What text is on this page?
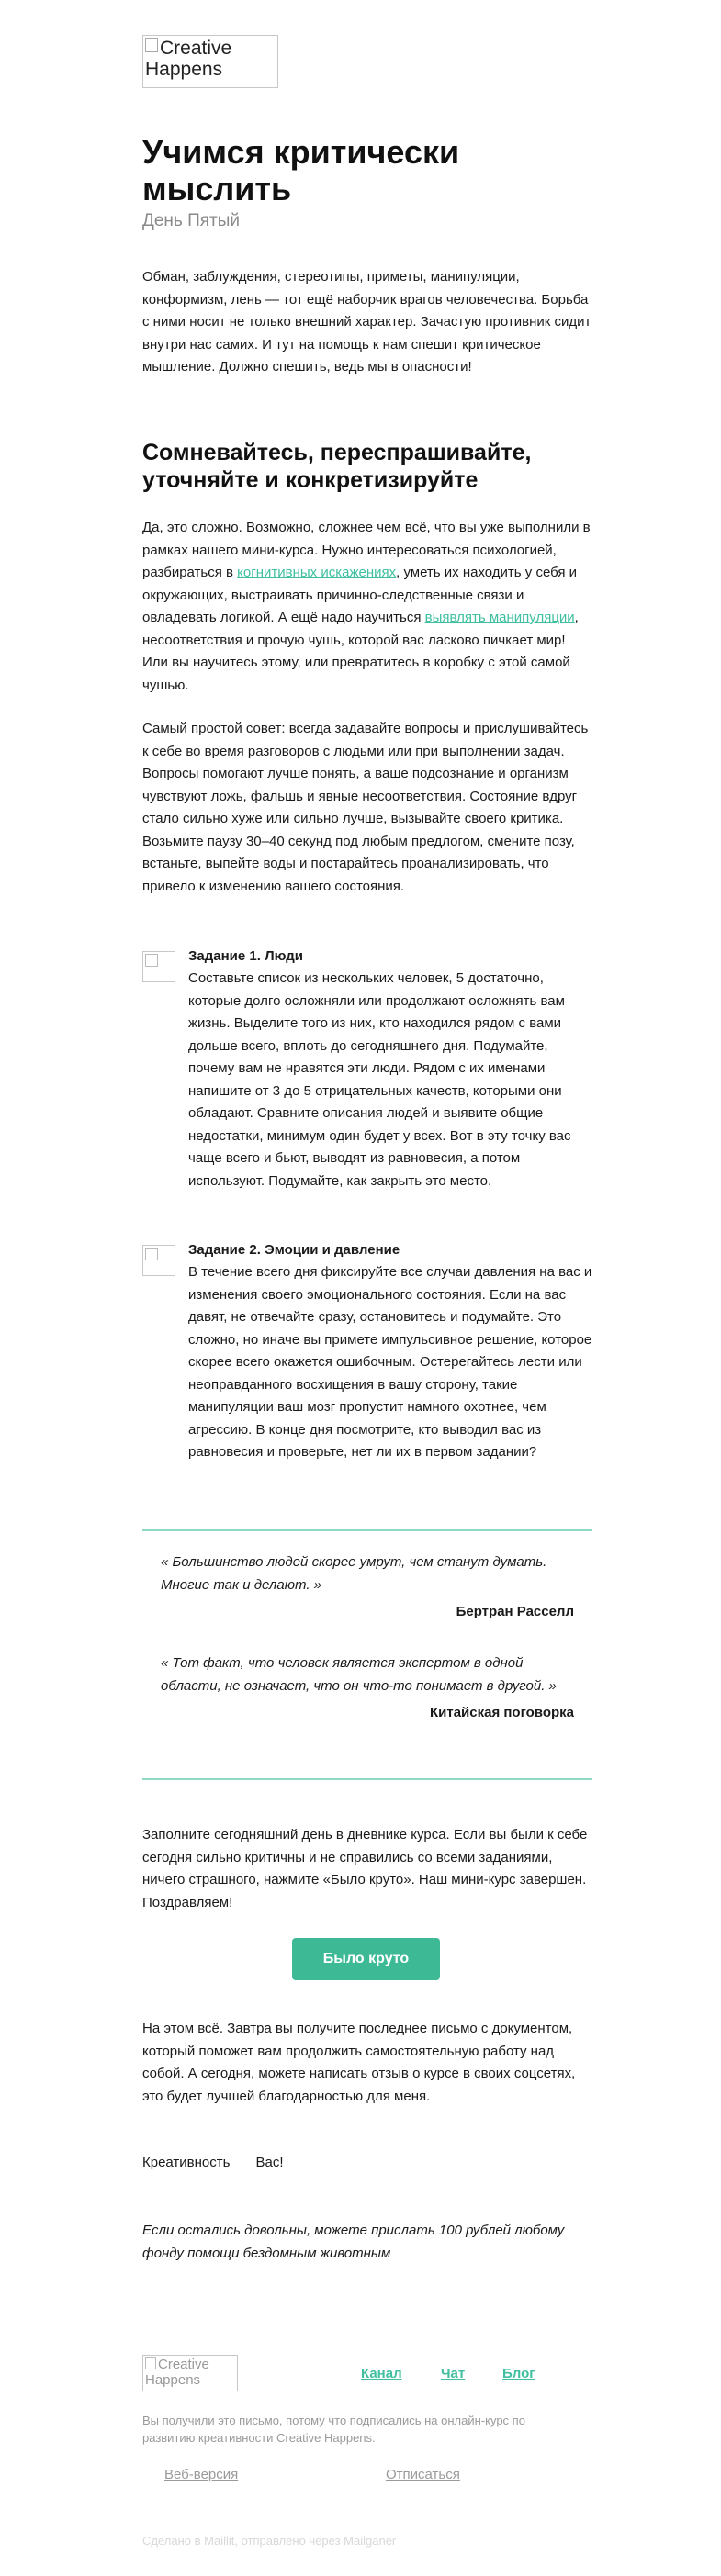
Creative Happens
Учимся критически мыслить
День Пятый

Обман, заблуждения, стереотипы, приметы, манипуляции, конформизм, лень — тот ещё наборчик врагов человечества. Борьба с ними носит не только внешний характер. Зачастую противник сидит внутри нас самих. И тут на помощь к нам спешит критическое мышление. Должно спешить, ведь мы в опасности!

Сомневайтесь, переспрашивайте, уточняйте и конкретизируйте

Да, это сложно. Возможно, сложнее чем всё, что вы уже выполнили в рамках нашего мини-курса. Нужно интересоваться психологией, разбираться в когнитивных искажениях, уметь их находить у себя и окружающих, выстраивать причинно-следственные связи и овладевать логикой. А ещё надо научиться выявлять манипуляции, несоответствия и прочую чушь, которой вас ласково пичкает мир! Или вы научитесь этому, или превратитесь в коробку с этой самой чушью.

Самый простой совет: всегда задавайте вопросы и прислушивайтесь к себе во время разговоров с людьми или при выполнении задач. Вопросы помогают лучше понять, а ваше подсознание и организм чувствуют ложь, фальшь и явные несоответствия. Состояние вдруг стало сильно хуже или сильно лучше, вызывайте своего критика. Возьмите паузу 30–40 секунд под любым предлогом, смените позу, встаньте, выпейте воды и постарайтесь проанализировать, что привело к изменению вашего состояния.

Задание 1. Люди

Составьте список из нескольких человек, 5 достаточно, которые долго осложняли или продолжают осложнять вам жизнь. Выделите того из них, кто находился рядом с вами дольше всего, вплоть до сегодняшнего дня. Подумайте, почему вам не нравятся эти люди. Рядом с их именами напишите от 3 до 5 отрицательных качеств, которыми они обладают. Сравните описания людей и выявите общие недостатки, минимум один будет у всех. Вот в эту точку вас чаще всего и бьют, выводят из равновесия, а потом используют. Подумайте, как закрыть это место.

Задание 2. Эмоции и давление

В течение всего дня фиксируйте все случаи давления на вас и изменения своего эмоционального состояния. Если на вас давят, не отвечайте сразу, остановитесь и подумайте. Это сложно, но иначе вы примете импульсивное решение, которое скорее всего окажется ошибочным. Остерегайтесь лести или неоправданного восхищения в вашу сторону, такие манипуляции ваш мозг пропустит намного охотнее, чем агрессию. В конце дня посмотрите, кто выводил вас из равновесия и проверьте, нет ли их в первом задании?

« Большинство людей скорее умрут, чем станут думать. Многие так и делают. »
Бертран Расселл
« Тот факт, что человек является экспертом в одной области, не означает, что он что-то понимает в другой. »
Китайская поговорка

Заполните сегодняшний день в дневнике курса. Если вы были к себе сегодня сильно критичны и не справились со всеми заданиями, ничего страшного, нажмите «Было круто». Наш мини-курс завершен. Поздравляем!

Было круто

На этом всё. Завтра вы получите последнее письмо с документом, который поможет вам продолжить самостоятельную работу над собой. А сегодня, можете написать отзыв о курсе в своих соцсетях, это будет лучшей благодарностью для меня.

Креативность Вас!

Если остались довольны, можете прислать 100 рублей любому фонду помощи бездомным животным

Creative Happens	Канал	Чат	Блог
Вы получили это письмо, потому что подписались на онлайн-курс по развитию креативности Creative Happens.
Веб-версия	Отписаться
Сделано в Maillit, отправлено через Mailganer
